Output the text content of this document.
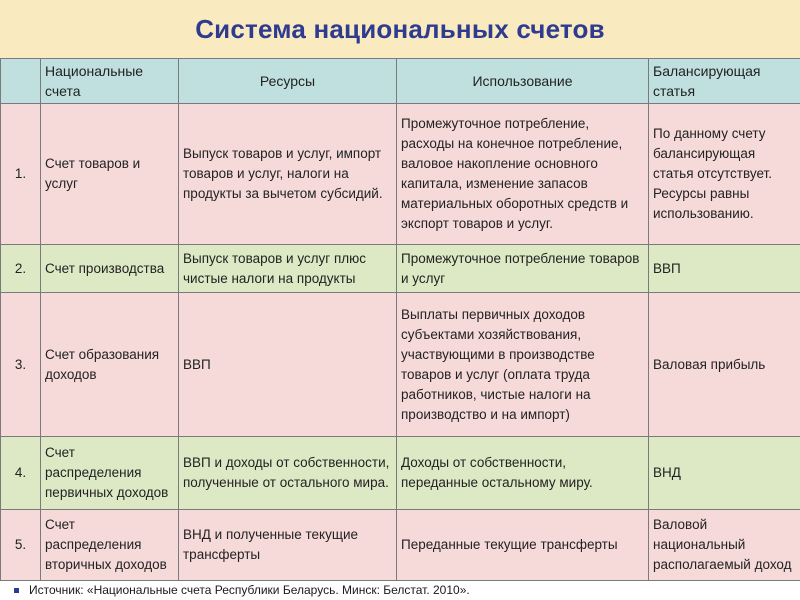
Система национальных счетов
	Национальные счета	Ресурсы	Использование	Балансирующая статья
1.	Счет товаров и услуг	Выпуск товаров и услуг, импорт товаров и услуг, налоги на продукты за вычетом субсидий.	Промежуточное потребление, расходы на конечное потребление, валовое накопление основного капитала, изменение запасов материальных оборотных средств и экспорт товаров и услуг.	По данному счету балансирующая статья отсутствует. Ресурсы равны использованию.
2.	Счет производства	Выпуск товаров и услуг плюс чистые налоги на продукты	Промежуточное потребление товаров и услуг	ВВП
3.	Счет образования доходов	ВВП	Выплаты первичных доходов субъектами хозяйствования, участвующими в производстве товаров и услуг (оплата труда работников, чистые налоги на производство и на импорт)	Валовая прибыль
4.	Счет распределения первичных доходов	ВВП и доходы от собственности, полученные от остального мира.	Доходы от собственности, переданные остальному миру.	ВНД
5.	Счет распределения вторичных доходов	ВНД и полученные текущие трансферты	Переданные текущие трансферты	Валовой национальный располагаемый доход
Источник: «Национальные счета Республики Беларусь. Минск: Белстат. 2010».
